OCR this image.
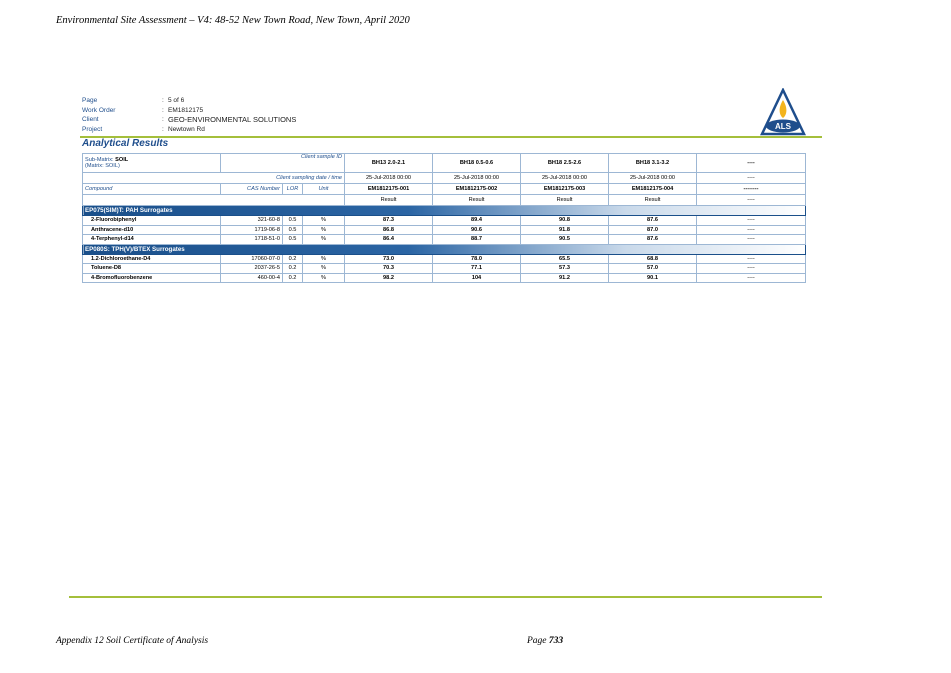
Environmental Site Assessment – V4: 48-52 New Town Road, New Town, April 2020
Page	: 5 of 6
Work Order	: EM1812175
Client	: GEO-ENVIRONMENTAL SOLUTIONS
Project	: Newtown Rd	ALS
Analytical Results
Sub-Matrix: SOIL
(Matrix: SOIL)	Client sample ID			BH13 2.0-2.1	BH18 0.5-0.6	BH18 2.5-2.6	BH18 3.1-3.2	----
Client sampling date / time				25-Jul-2018 00:00	25-Jul-2018 00:00	25-Jul-2018 00:00	25-Jul-2018 00:00	----
Compound	CAS Number	LOR	Unit	EM1812175-001	EM1812175-002	EM1812175-003	EM1812175-004	--------
				Result	Result	Result	Result	----
EP075(SIM)T: PAH Surrogates								
2-Fluorobiphenyl	321-60-8	0.5	%	87.3	89.4	90.8	87.6	----
Anthracene-d10	1719-06-8	0.5	%	86.8	90.6	91.8	87.0	----
4-Terphenyl-d14	1718-51-0	0.5	%	86.4	88.7	90.5	87.6	----
EP080S: TPH(V)/BTEX Surrogates								
1.2-Dichloroethane-D4	17060-07-0	0.2	%	73.0	78.0	65.5	68.8	----
Toluene-D8	2037-26-5	0.2	%	70.3	77.1	57.3	57.0	----
4-Bromofluorobenzene	460-00-4	0.2	%	98.2	104	91.2	90.1	----
Appendix 12 Soil Certificate of Analysis	Page 733
